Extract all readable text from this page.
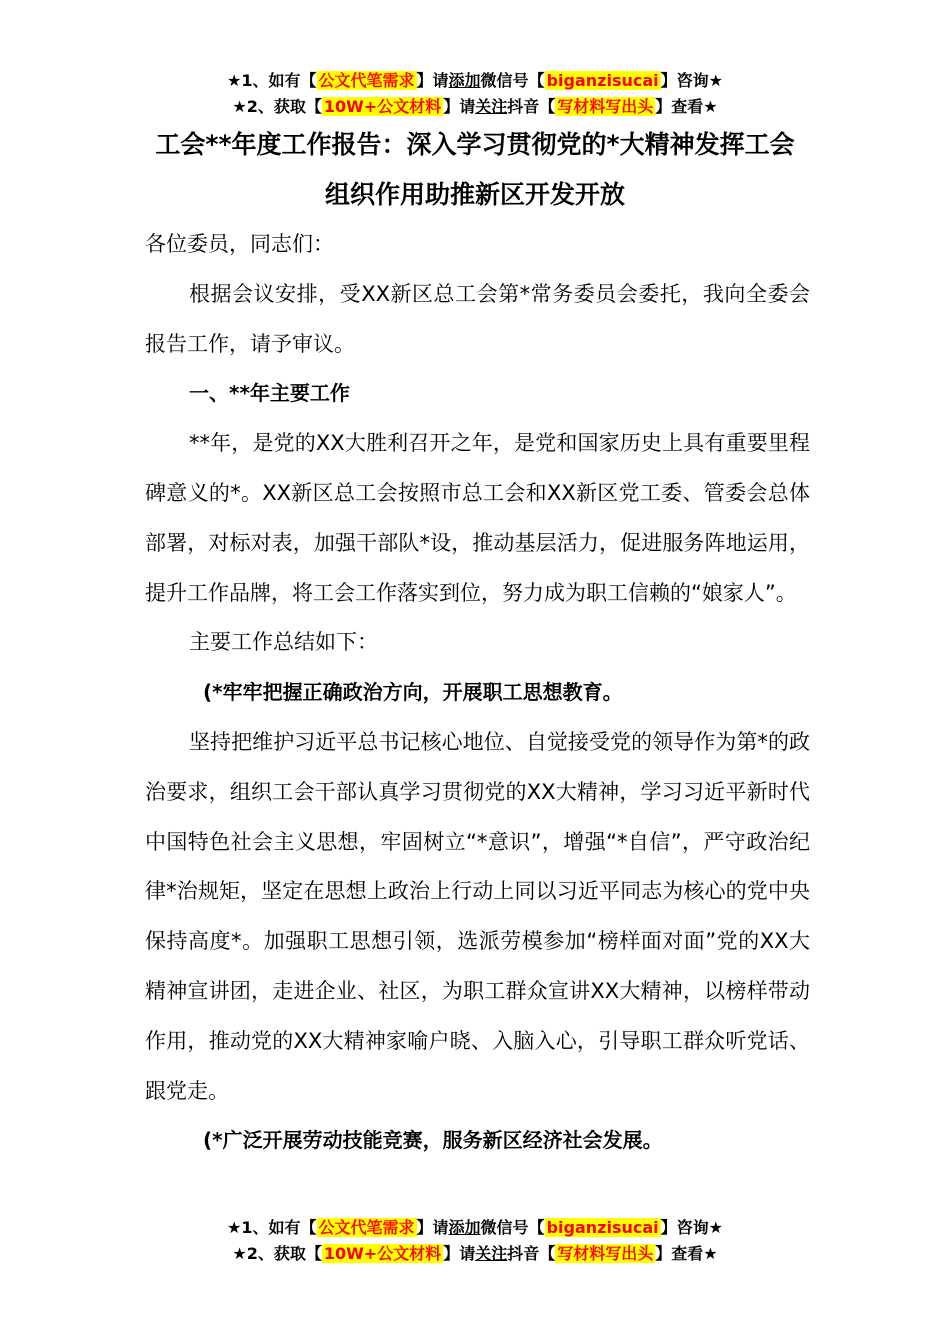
★1、如有【 公文代笔需求 】请添加微信号【 biganzisucai 】咨询★
★2、获取【 10W+公文材料 】请关注抖音【 写材料写出头 】查看★
工会**年度工作报告：深入学习贯彻党的*大精神发挥工会
组织作用助推新区开发开放

各位委员，同志们：

根据会议安排，受XX新区总工会第*常务委员会委托，我向全委会报告工作，请予审议。

一、**年主要工作

**年，是党的XX大胜利召开之年，是党和国家历史上具有重要里程碑意义的*。XX新区总工会按照市总工会和XX新区党工委、管委会总体部署，对标对表，加强干部队*设，推动基层活力，促进服务阵地运用，提升工作品牌，将工会工作落实到位，努力成为职工信赖的“娘家人”。

主要工作总结如下：

(*牢牢把握正确政治方向，开展职工思想教育。

坚持把维护习近平总书记核心地位、自觉接受党的领导作为第*的政治要求，组织工会干部认真学习贯彻党的XX大精神，学习习近平新时代中国特色社会主义思想，牢固树立“*意识”，增强“*自信”，严守政治纪律*治规矩，坚定在思想上政治上行动上同以习近平同志为核心的党中央保持高度*。加强职工思想引领，选派劳模参加“榜样面对面”党的XX大精神宣讲团，走进企业、社区，为职工群众宣讲XX大精神，以榜样带动作用，推动党的XX大精神家喻户晓、入脑入心，引导职工群众听党话、跟党走。

(*广泛开展劳动技能竞赛，服务新区经济社会发展。

★1、如有【 公文代笔需求 】请添加微信号【 biganzisucai 】咨询★
★2、获取【 10W+公文材料 】请关注抖音【 写材料写出头 】查看★
